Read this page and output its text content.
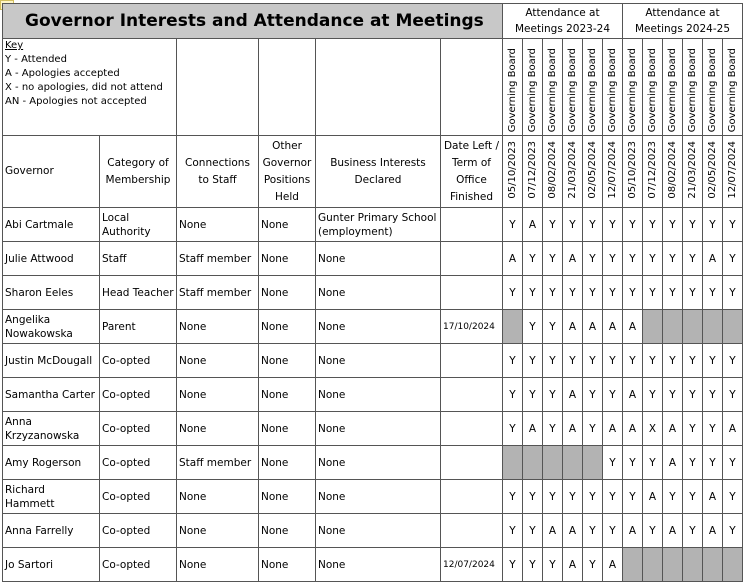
Governor Interests and Attendance at Meetings						Attendance at Meetings 2023-24						Attendance at Meetings 2024-25					

Key
Y - Attended
A - Apologies accepted
X - no apologies, did not attend
AN - Apologies not accepted						Governing Board	Governing Board	Governing Board	Governing Board	Governing Board	Governing Board	Governing Board	Governing Board	Governing Board	Governing Board	Governing Board	Governing Board
Governor	Category of Membership	Connections to Staff	Other Governor Positions Held	Business Interests Declared	Date Left / Term of Office Finished	05/10/2023	07/12/2023	08/02/2024	21/03/2024	02/05/2024	12/07/2024	05/10/2023	07/12/2023	08/02/2024	21/03/2024	02/05/2024	12/07/2024
Abi Cartmale	Local Authority	None	None	Gunter Primary School (employment)		Y	A	Y	Y	Y	Y	Y	Y	Y	Y	Y	Y
Julie Attwood	Staff	Staff member	None	None		A	Y	Y	A	Y	Y	Y	Y	Y	Y	A	Y
Sharon Eeles	Head Teacher	Staff member	None	None		Y	Y	Y	Y	Y	Y	Y	Y	Y	Y	Y	Y
Angelika Nowakowska	Parent	None	None	None	17/10/2024		Y	Y	A	A	A	A					
Justin McDougall	Co-opted	None	None	None		Y	Y	Y	Y	Y	Y	Y	Y	Y	Y	Y	Y
Samantha Carter	Co-opted	None	None	None		Y	Y	Y	A	Y	Y	A	Y	Y	Y	Y	Y
Anna Krzyzanowska	Co-opted	None	None	None		Y	A	Y	A	Y	A	A	X	A	Y	Y	A
Amy Rogerson	Co-opted	Staff member	None	None							Y	Y	Y	A	Y	Y	Y
Richard Hammett	Co-opted	None	None	None		Y	Y	Y	Y	Y	Y	Y	A	Y	Y	A	Y
Anna Farrelly	Co-opted	None	None	None		Y	Y	A	A	Y	Y	A	Y	A	Y	A	Y
Jo Sartori	Co-opted	None	None	None	12/07/2024	Y	Y	Y	A	Y	A						
